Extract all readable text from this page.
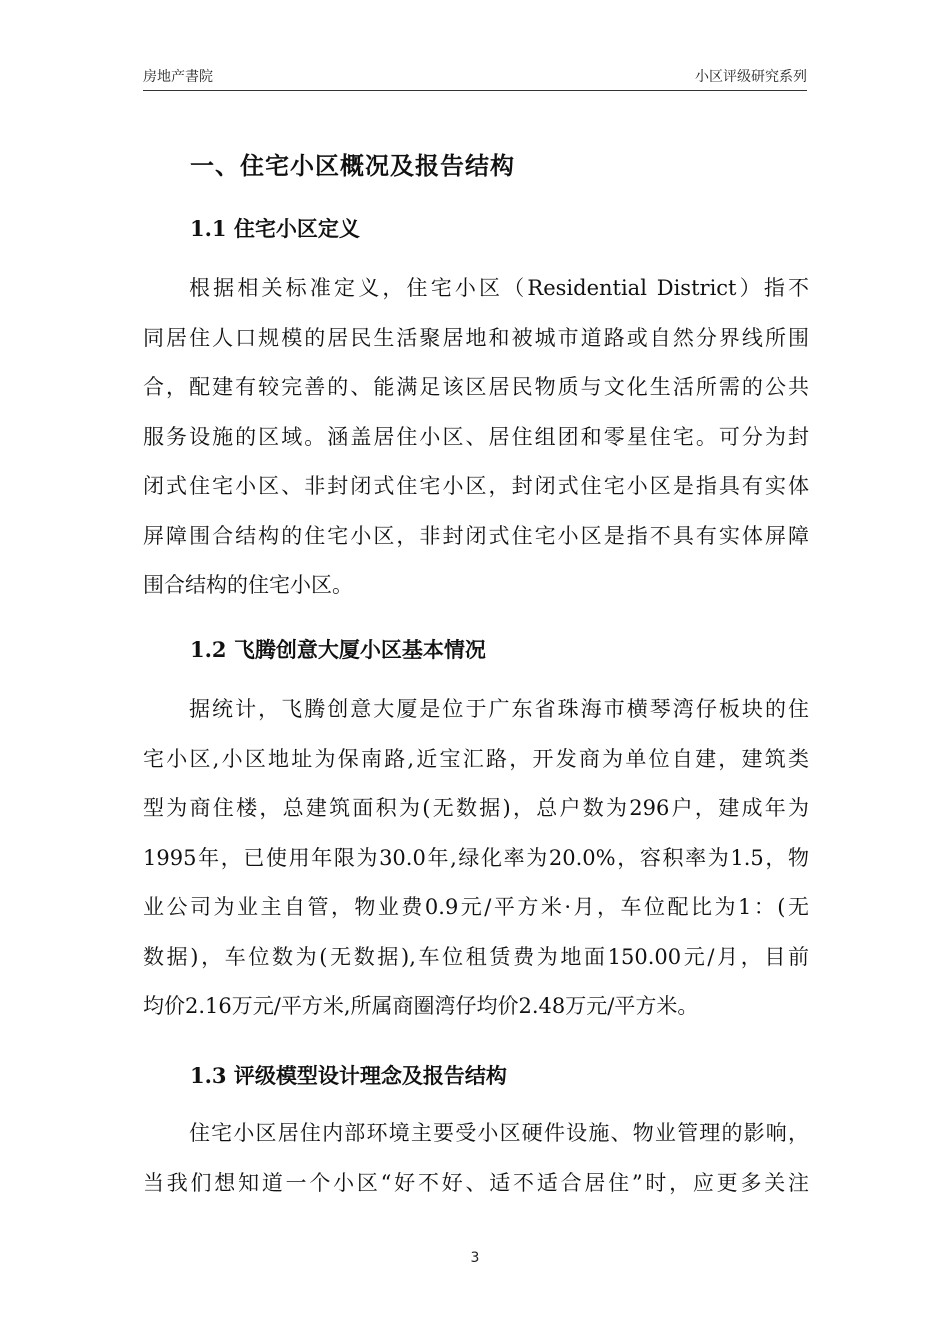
房地产書院	小区评级研究系列
一、住宅小区概况及报告结构
1.1 住宅小区定义
根据相关标准定义，住宅小区（Residential District）指不
同居住人口规模的居民生活聚居地和被城市道路或自然分界线所围
合，配建有较完善的、能满足该区居民物质与文化生活所需的公共
服务设施的区域。涵盖居住小区、居住组团和零星住宅。可分为封
闭式住宅小区、非封闭式住宅小区，封闭式住宅小区是指具有实体
屏障围合结构的住宅小区，非封闭式住宅小区是指不具有实体屏障
围合结构的住宅小区。
1.2 飞腾创意大厦小区基本情况
据统计，飞腾创意大厦是位于广东省珠海市横琴湾仔板块的住
宅小区,小区地址为保南路,近宝汇路，开发商为单位自建，建筑类
型为商住楼，总建筑面积为(无数据)，总户数为296户，建成年为
1995年，已使用年限为30.0年,绿化率为20.0%，容积率为1.5，物
业公司为业主自管，物业费0.9元/平方米·月，车位配比为1：(无
数据)，车位数为(无数据),车位租赁费为地面150.00元/月，目前
均价2.16万元/平方米,所属商圈湾仔均价2.48万元/平方米。
1.3 评级模型设计理念及报告结构
住宅小区居住内部环境主要受小区硬件设施、物业管理的影响，
当我们想知道一个小区“好不好、适不适合居住”时，应更多关注
3
